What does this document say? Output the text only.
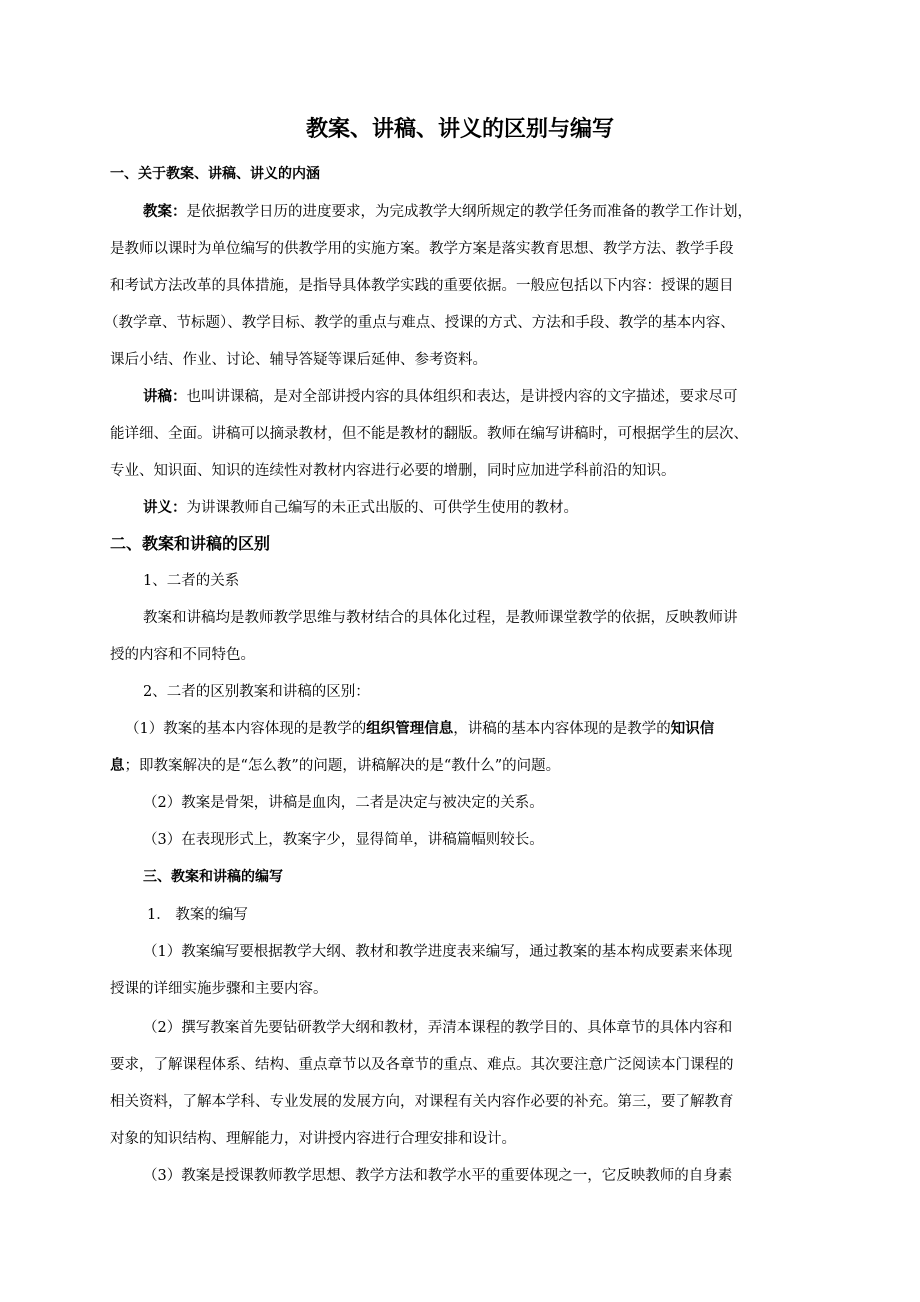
教案、讲稿、讲义的区别与编写
一、关于教案、讲稿、讲义的内涵
教案：是依据教学日历的进度要求，为完成教学大纲所规定的教学任务而准备的教学工作计划，
是教师以课时为单位编写的供教学用的实施方案。教学方案是落实教育思想、教学方法、教学手段
和考试方法改革的具体措施，是指导具体教学实践的重要依据。一般应包括以下内容：授课的题目
（教学章、节标题）、教学目标、教学的重点与难点、授课的方式、方法和手段、教学的基本内容、
课后小结、作业、讨论、辅导答疑等课后延伸、参考资料。
讲稿：也叫讲课稿，是对全部讲授内容的具体组织和表达，是讲授内容的文字描述，要求尽可
能详细、全面。讲稿可以摘录教材，但不能是教材的翻版。教师在编写讲稿时，可根据学生的层次、
专业、知识面、知识的连续性对教材内容进行必要的增删，同时应加进学科前沿的知识。
讲义：为讲课教师自己编写的未正式出版的、可供学生使用的教材。
二、教案和讲稿的区别
1、二者的关系
教案和讲稿均是教师教学思维与教材结合的具体化过程，是教师课堂教学的依据，反映教师讲
授的内容和不同特色。
2、二者的区别教案和讲稿的区别：
（1）教案的基本内容体现的是教学的组织管理信息，讲稿的基本内容体现的是教学的知识信
息；即教案解决的是“怎么教”的问题，讲稿解决的是“教什么”的问题。
（2）教案是骨架，讲稿是血肉，二者是决定与被决定的关系。
（3）在表现形式上，教案字少，显得简单，讲稿篇幅则较长。
三、教案和讲稿的编写
1． 教案的编写
（1）教案编写要根据教学大纲、教材和教学进度表来编写，通过教案的基本构成要素来体现
授课的详细实施步骤和主要内容。
（2）撰写教案首先要钻研教学大纲和教材，弄清本课程的教学目的、具体章节的具体内容和
要求，了解课程体系、结构、重点章节以及各章节的重点、难点。其次要注意广泛阅读本门课程的
相关资料，了解本学科、专业发展的发展方向，对课程有关内容作必要的补充。第三，要了解教育
对象的知识结构、理解能力，对讲授内容进行合理安排和设计。
（3）教案是授课教师教学思想、教学方法和教学水平的重要体现之一，它反映教师的自身素
